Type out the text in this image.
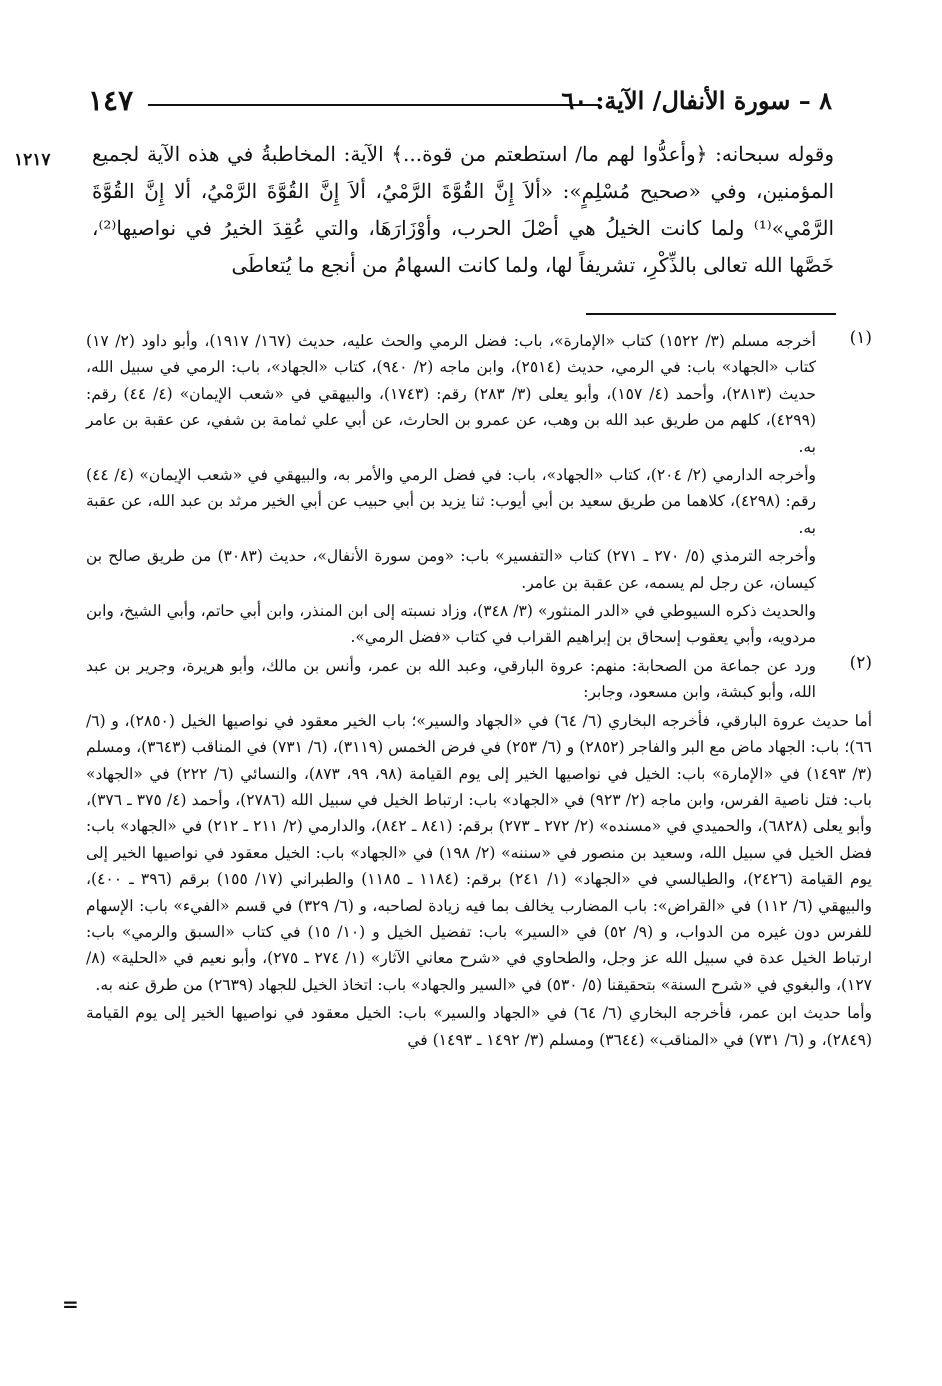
١٤٧	٨ – سورة الأنفال/ الآية: ٦٠
١٢١٧ وقوله سبحانه: ﴿وأعدُّوا لهم ما/ استطعتم من قوة...﴾ الآية: المخاطبةُ في هذه الآية لجميع المؤمنين، وفي «صحيح مُسْلِمٍ»: «ألاَ إِنَّ القُوَّةَ الرَّمْيُ، ألاَ إِنَّ القُوَّةَ الرَّمْيُ، ألا إِنَّ القُوَّةَ الرَّمْي»⁽¹⁾ ولما كانت الخيلُ هي أصْلَ الحرب، وأوْزَارَهَا، والتي عُقِدَ الخيرُ في نواصيها⁽²⁾، خَصَّها الله تعالى بالذِّكْرِ، تشريفاً لها، ولما كانت السهامُ من أنجع ما يُتعاطَى

(١)

أخرجه مسلم (٣/ ١٥٢٢) كتاب «الإمارة»، باب: فضل الرمي والحث عليه، حديث (١٦٧/ ١٩١٧)، وأبو داود (٢/ ١٧) كتاب «الجهاد» باب: في الرمي، حديث (٢٥١٤)، وابن ماجه (٢/ ٩٤٠)، كتاب «الجهاد»، باب: الرمي في سبيل الله، حديث (٢٨١٣)، وأحمد (٤/ ١٥٧)، وأبو يعلى (٣/ ٢٨٣) رقم: (١٧٤٣)، والبيهقي في «شعب الإيمان» (٤/ ٤٤) رقم: (٤٢٩٩)، كلهم من طريق عبد الله بن وهب، عن عمرو بن الحارث، عن أبي علي ثمامة بن شفي، عن عقبة بن عامر به.

وأخرجه الدارمي (٢/ ٢٠٤)، كتاب «الجهاد»، باب: في فضل الرمي والأمر به، والبيهقي في «شعب الإيمان» (٤/ ٤٤) رقم: (٤٢٩٨)، كلاهما من طريق سعيد بن أبي أيوب: ثنا يزيد بن أبي حبيب عن أبي الخير مرثد بن عبد الله، عن عقبة به.

وأخرجه الترمذي (٥/ ٢٧٠ ـ ٢٧١) كتاب «التفسير» باب: «ومن سورة الأنفال»، حديث (٣٠٨٣) من طريق صالح بن كيسان، عن رجل لم يسمه، عن عقبة بن عامر.

والحديث ذكره السيوطي في «الدر المنثور» (٣/ ٣٤٨)، وزاد نسبته إلى ابن المنذر، وابن أبي حاتم، وأبي الشيخ، وابن مردويه، وأبي يعقوب إسحاق بن إبراهيم القراب في كتاب «فضل الرمي».

(٢)

ورد عن جماعة من الصحابة: منهم: عروة البارقي، وعبد الله بن عمر، وأنس بن مالك، وأبو هريرة، وجرير بن عبد الله، وأبو كبشة، وابن مسعود، وجابر:

أما حديث عروة البارقي، فأخرجه البخاري (٦/ ٦٤) في «الجهاد والسير»؛ باب الخير معقود في نواصيها الخيل (٢٨٥٠)، و (٦/ ٦٦)؛ باب: الجهاد ماض مع البر والفاجر (٢٨٥٢) و (٦/ ٢٥٣) في فرض الخمس (٣١١٩)، (٦/ ٧٣١) في المناقب (٣٦٤٣)، ومسلم (٣/ ١٤٩٣) في «الإمارة» باب: الخيل في نواصيها الخير إلى يوم القيامة (٩٨، ٩٩، ٨٧٣)، والنسائي (٦/ ٢٢٢) في «الجهاد» باب: فتل ناصية الفرس، وابن ماجه (٢/ ٩٢٣) في «الجهاد» باب: ارتباط الخيل في سبيل الله (٢٧٨٦)، وأحمد (٤/ ٣٧٥ ـ ٣٧٦)، وأبو يعلى (٦٨٢٨)، والحميدي في «مسنده» (٢/ ٢٧٢ ـ ٢٧٣) برقم: (٨٤١ ـ ٨٤٢)، والدارمي (٢/ ٢١١ ـ ٢١٢) في «الجهاد» باب: فضل الخيل في سبيل الله، وسعيد بن منصور في «سننه» (٢/ ١٩٨) في «الجهاد» باب: الخيل معقود في نواصيها الخير إلى يوم القيامة (٢٤٢٦)، والطيالسي في «الجهاد» (١/ ٢٤١) برقم: (١١٨٤ ـ ١١٨٥) والطبراني (١٧/ ١٥٥) برقم (٣٩٦ ـ ٤٠٠)، والبيهقي (٦/ ١١٢) في «القراض»: باب المضارب يخالف بما فيه زيادة لصاحبه، و (٦/ ٣٢٩) في قسم «الفيء» باب: الإسهام للفرس دون غيره من الدواب، و (٩/ ٥٢) في «السير» باب: تفضيل الخيل و (١٠/ ١٥) في كتاب «السبق والرمي» باب: ارتباط الخيل عدة في سبيل الله عز وجل، والطحاوي في «شرح معاني الآثار» (١/ ٢٧٤ ـ ٢٧٥)، وأبو نعيم في «الحلية» (٨/ ١٢٧)، والبغوي في «شرح السنة» بتحقيقنا (٥/ ٥٣٠) في «السير والجهاد» باب: اتخاذ الخيل للجهاد (٢٦٣٩) من طرق عنه به.

وأما حديث ابن عمر، فأخرجه البخاري (٦/ ٦٤) في «الجهاد والسير» باب: الخيل معقود في نواصيها الخير إلى يوم القيامة (٢٨٤٩)، و (٦/ ٧٣١) في «المناقب» (٣٦٤٤) ومسلم (٣/ ١٤٩٢ ـ ١٤٩٣) في

=
